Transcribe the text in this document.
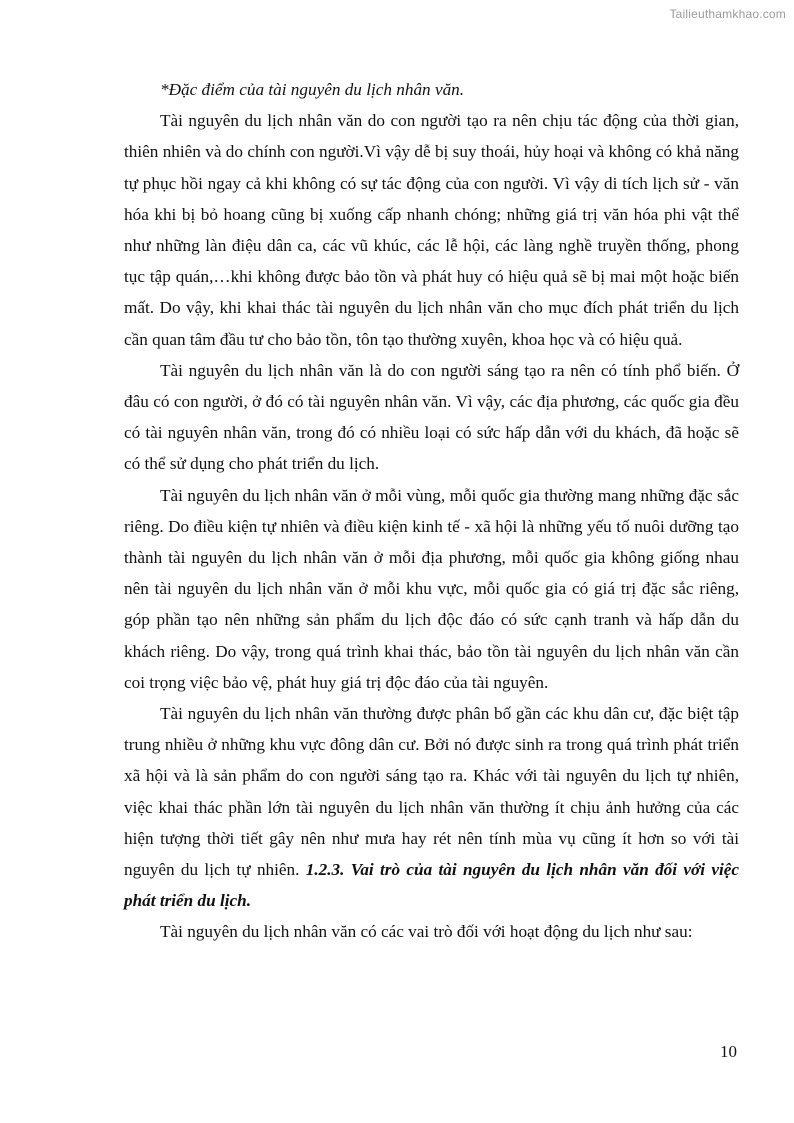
Tailieuthamkhao.com

*Đặc điểm của tài nguyên du lịch nhân văn.

Tài nguyên du lịch nhân văn do con người tạo ra nên chịu tác động của thời gian, thiên nhiên và do chính con người.Vì vậy dễ bị suy thoái, hủy hoại và không có khả năng tự phục hồi ngay cả khi không có sự tác động của con người. Vì vậy di tích lịch sử - văn hóa khi bị bỏ hoang cũng bị xuống cấp nhanh chóng; những giá trị văn hóa phi vật thể như những làn điệu dân ca, các vũ khúc, các lễ hội, các làng nghề truyền thống, phong tục tập quán,…khi không được bảo tồn và phát huy có hiệu quả sẽ bị mai một hoặc biến mất. Do vậy, khi khai thác tài nguyên du lịch nhân văn cho mục đích phát triển du lịch cần quan tâm đầu tư cho bảo tồn, tôn tạo thường xuyên, khoa học và có hiệu quả.

Tài nguyên du lịch nhân văn là do con người sáng tạo ra nên có tính phổ biến. Ở đâu có con người, ở đó có tài nguyên nhân văn. Vì vậy, các địa phương, các quốc gia đều có tài nguyên nhân văn, trong đó có nhiều loại có sức hấp dẫn với du khách, đã hoặc sẽ có thể sử dụng cho phát triển du lịch.

Tài nguyên du lịch nhân văn ở mỗi vùng, mỗi quốc gia thường mang những đặc sắc riêng. Do điều kiện tự nhiên và điều kiện kinh tế - xã hội là những yếu tố nuôi dưỡng tạo thành tài nguyên du lịch nhân văn ở mỗi địa phương, mỗi quốc gia không giống nhau nên tài nguyên du lịch nhân văn ở mỗi khu vực, mỗi quốc gia có giá trị đặc sắc riêng, góp phần tạo nên những sản phẩm du lịch độc đáo có sức cạnh tranh và hấp dẫn du khách riêng. Do vậy, trong quá trình khai thác, bảo tồn tài nguyên du lịch nhân văn cần coi trọng việc bảo vệ, phát huy giá trị độc đáo của tài nguyên.

Tài nguyên du lịch nhân văn thường được phân bố gần các khu dân cư, đặc biệt tập trung nhiều ở những khu vực đông dân cư. Bởi nó được sinh ra trong quá trình phát triển xã hội và là sản phẩm do con người sáng tạo ra. Khác với tài nguyên du lịch tự nhiên, việc khai thác phần lớn tài nguyên du lịch nhân văn thường ít chịu ảnh hưởng của các hiện tượng thời tiết gây nên như mưa hay rét nên tính mùa vụ cũng ít hơn so với tài nguyên du lịch tự nhiên. 1.2.3. Vai trò của tài nguyên du lịch nhân văn đối với việc phát triển du lịch.

Tài nguyên du lịch nhân văn có các vai trò đối với hoạt động du lịch như sau:

10
